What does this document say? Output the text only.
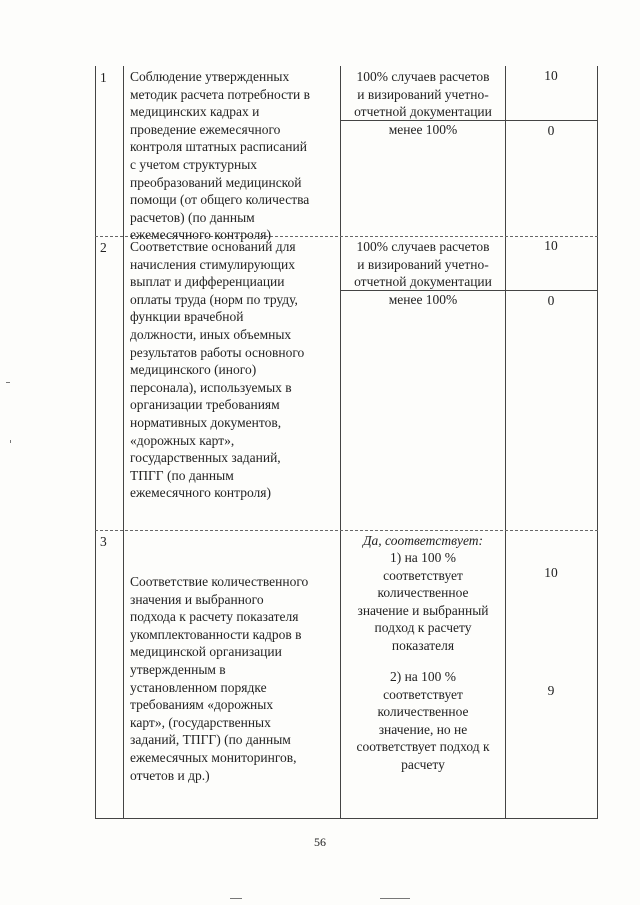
1 Соблюдение утвержденных
методик расчета потребности в
медицинских кадрах и
проведение ежемесячного
контроля штатных расписаний
с учетом структурных
преобразований медицинской
помощи (от общего количества
расчетов) (по данным
ежемесячного контроля)
100% случаев расчетов
и визирований учетно-
отчетной документации
10
менее 100%	0
2 Соответствие оснований для
начисления стимулирующих
выплат и дифференциации
оплаты труда (норм по труду,
функции врачебной
должности, иных объемных
результатов работы основного
медицинского (иного)
персонала), используемых в
организации требованиям
нормативных документов,
«дорожных карт»,
государственных заданий,
ТПГГ (по данным
ежемесячного контроля)
100% случаев расчетов
и визирований учетно-
отчетной документации
10
менее 100%	0
3
Соответствие количественного
значения и выбранного
подхода к расчету показателя
укомплектованности кадров в
медицинской организации
утвержденным в
установленном порядке
требованиям «дорожных
карт», (государственных
заданий, ТПГГ) (по данным
ежемесячных мониторингов,
отчетов и др.)
Да, соответствует:
1) на 100 %
соответствует
количественное
значение и выбранный
подход к расчету
показателя
10
2) на 100 %
соответствует
количественное
значение, но не
соответствует подход к
расчету
9
56
